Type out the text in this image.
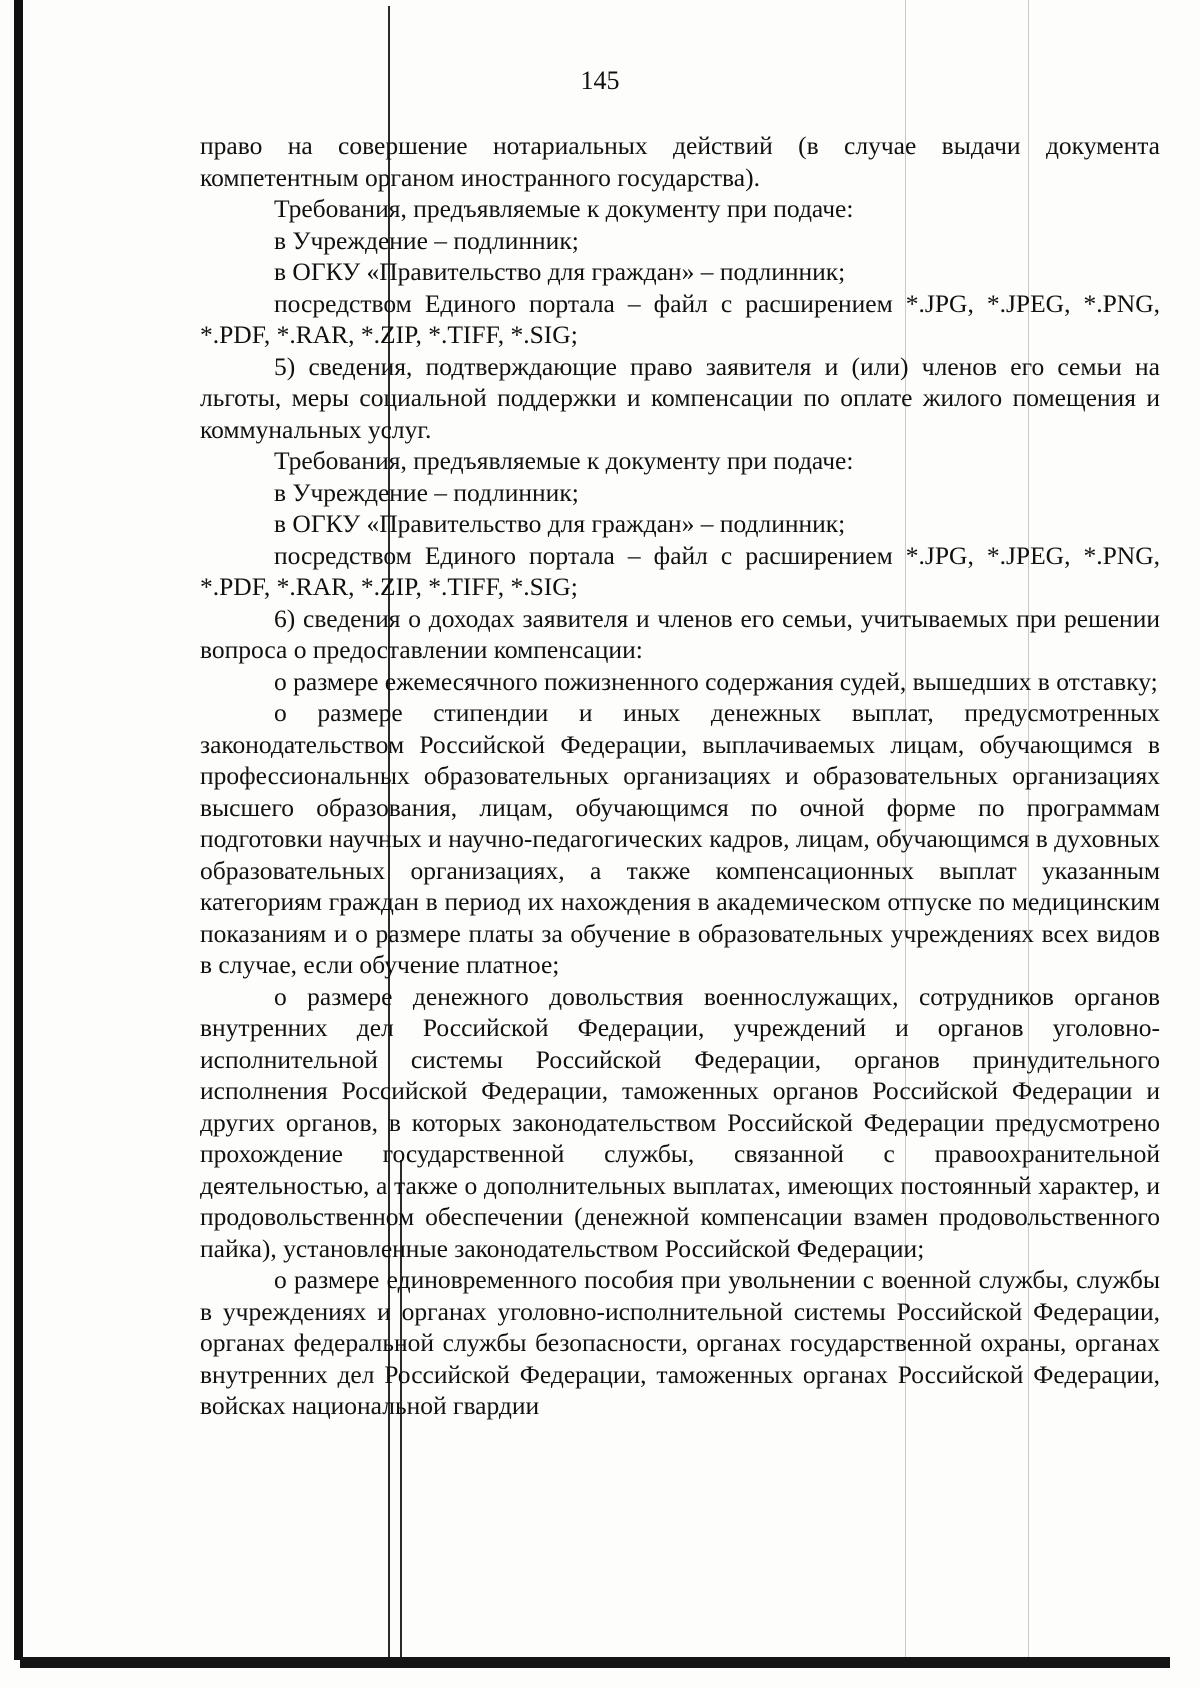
145

право на совершение нотариальных действий (в случае выдачи документа компетентным органом иностранного государства).

Требования, предъявляемые к документу при подаче:

в Учреждение – подлинник;

в ОГКУ «Правительство для граждан» – подлинник;

посредством Единого портала – файл с расширением *.JPG, *.JPEG, *.PNG, *.PDF, *.RAR, *.ZIP, *.TIFF, *.SIG;

5) сведения, подтверждающие право заявителя и (или) членов его семьи на льготы, меры социальной поддержки и компенсации по оплате жилого помещения и коммунальных услуг.

Требования, предъявляемые к документу при подаче:

в Учреждение – подлинник;

в ОГКУ «Правительство для граждан» – подлинник;

посредством Единого портала – файл с расширением *.JPG, *.JPEG, *.PNG, *.PDF, *.RAR, *.ZIP, *.TIFF, *.SIG;

6) сведения о доходах заявителя и членов его семьи, учитываемых при решении вопроса о предоставлении компенсации:

о размере ежемесячного пожизненного содержания судей, вышедших в отставку;

о размере стипендии и иных денежных выплат, предусмотренных законодательством Российской Федерации, выплачиваемых лицам, обучающимся в профессиональных образовательных организациях и образовательных организациях высшего образования, лицам, обучающимся по очной форме по программам подготовки научных и научно-педагогических кадров, лицам, обучающимся в духовных образовательных организациях, а также компенсационных выплат указанным категориям граждан в период их нахождения в академическом отпуске по медицинским показаниям и о размере платы за обучение в образовательных учреждениях всех видов в случае, если обучение платное;

о размере денежного довольствия военнослужащих, сотрудников органов внутренних дел Российской Федерации, учреждений и органов уголовно-исполнительной системы Российской Федерации, органов принудительного исполнения Российской Федерации, таможенных органов Российской Федерации и других органов, в которых законодательством Российской Федерации предусмотрено прохождение государственной службы, связанной с правоохранительной деятельностью, а также о дополнительных выплатах, имеющих постоянный характер, и продовольственном обеспечении (денежной компенсации взамен продовольственного пайка), установленные законодательством Российской Федерации;

о размере единовременного пособия при увольнении с военной службы, службы в учреждениях и органах уголовно-исполнительной системы Российской Федерации, органах федеральной службы безопасности, органах государственной охраны, органах внутренних дел Российской Федерации, таможенных органах Российской Федерации, войсках национальной гвардии
